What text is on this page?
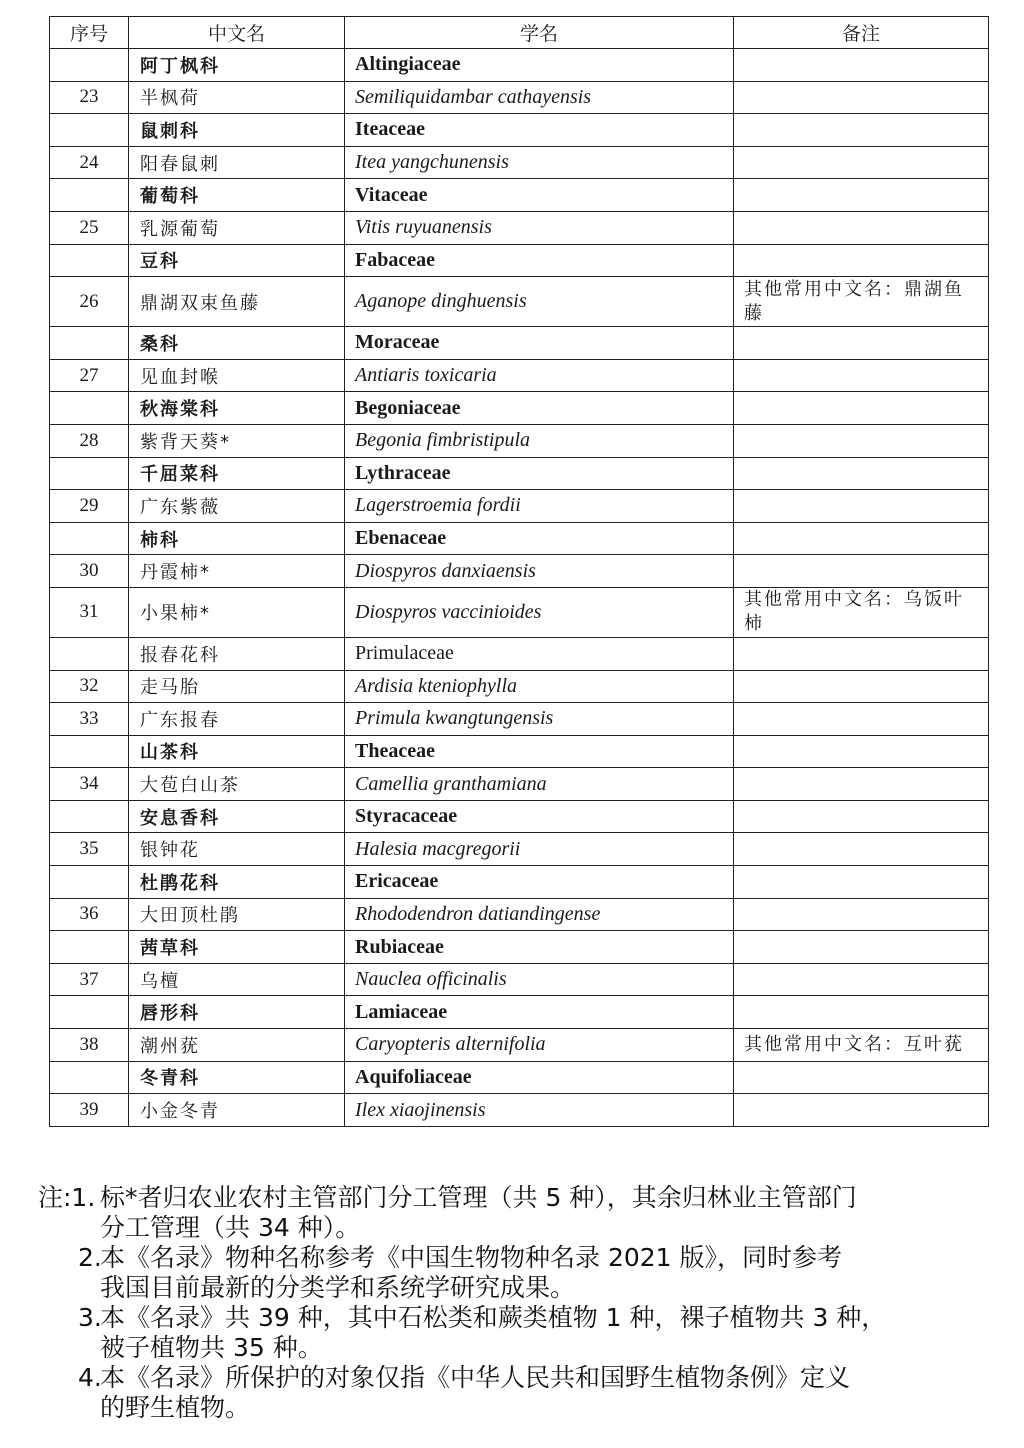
序号	中文名	学名	备注
	阿丁枫科	Altingiaceae	
23	半枫荷	Semiliquidambar cathayensis	
	鼠刺科	Iteaceae	
24	阳春鼠刺	Itea yangchunensis	
	葡萄科	Vitaceae	
25	乳源葡萄	Vitis ruyuanensis	
	豆科	Fabaceae	
26	鼎湖双束鱼藤	Aganope dinghuensis	其他常用中文名：鼎湖鱼藤
	桑科	Moraceae	
27	见血封喉	Antiaris toxicaria	
	秋海棠科	Begoniaceae	
28	紫背天葵*	Begonia fimbristipula	
	千屈菜科	Lythraceae	
29	广东紫薇	Lagerstroemia fordii	
	柿科	Ebenaceae	
30	丹霞柿*	Diospyros danxiaensis	
31	小果柿*	Diospyros vaccinioides	其他常用中文名：乌饭叶柿
	报春花科	Primulaceae	
32	走马胎	Ardisia kteniophylla	
33	广东报春	Primula kwangtungensis	
	山茶科	Theaceae	
34	大苞白山茶	Camellia granthamiana	
	安息香科	Styracaceae	
35	银钟花	Halesia macgregorii	
	杜鹃花科	Ericaceae	
36	大田顶杜鹃	Rhododendron datiandingense	
	茜草科	Rubiaceae	
37	乌檀	Nauclea officinalis	
	唇形科	Lamiaceae	
38	潮州莸	Caryopteris alternifolia	其他常用中文名：互叶莸
	冬青科	Aquifoliaceae	
39	小金冬青	Ilex xiaojinensis	
注:1. 标*者归农业农村主管部门分工管理（共 5 种），其余归林业主管部门
分工管理（共 34 种）。
2.
本《名录》物种名称参考《中国生物物种名录 2021 版》，同时参考
我国目前最新的分类学和系统学研究成果。
3.
本《名录》共 39 种，其中石松类和蕨类植物 1 种，裸子植物共 3 种，
被子植物共 35 种。
4.
本《名录》所保护的对象仅指《中华人民共和国野生植物条例》定义
的野生植物。
